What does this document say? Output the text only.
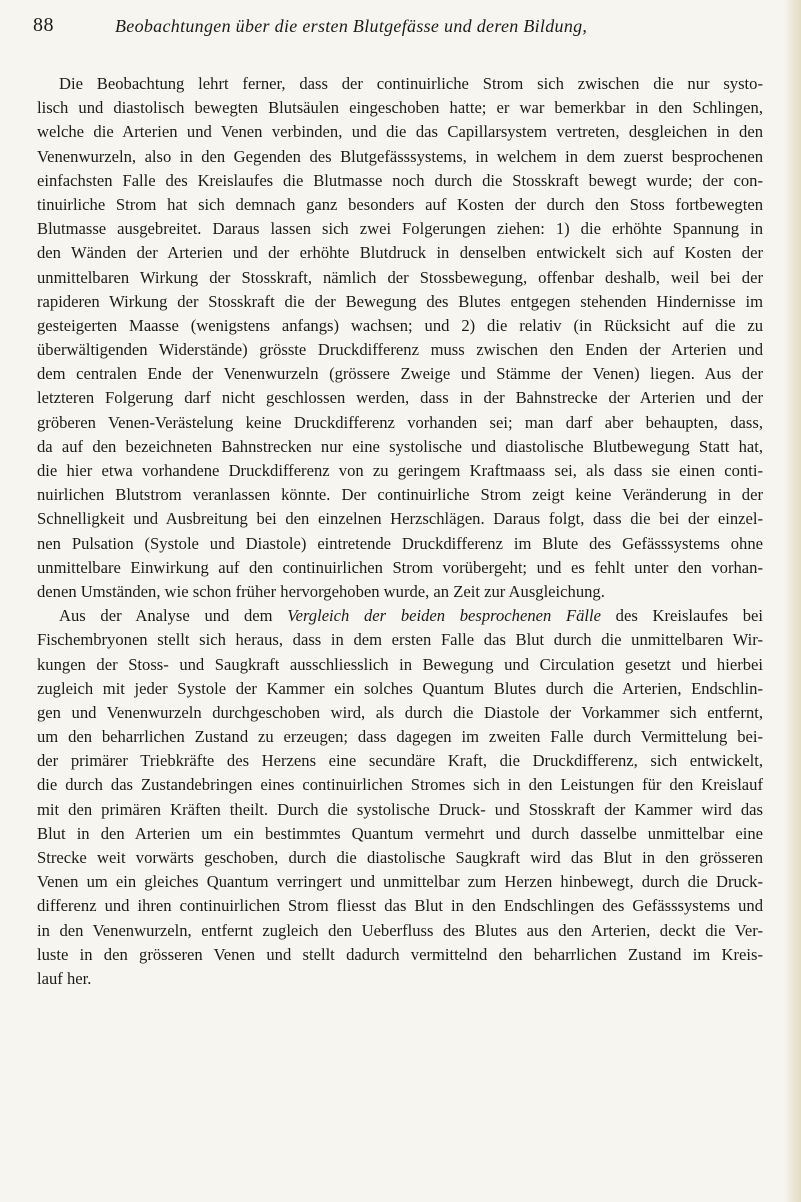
88	Beobachtungen über die ersten Blutgefässe und deren Bildung,
Die Beobachtung lehrt ferner, dass der continuirliche Strom sich zwischen die nur systo-
lisch und diastolisch bewegten Blutsäulen eingeschoben hatte; er war bemerkbar in den Schlingen,
welche die Arterien und Venen verbinden, und die das Capillarsystem vertreten, desgleichen in den
Venenwurzeln, also in den Gegenden des Blutgefässsystems, in welchem in dem zuerst besprochenen
einfachsten Falle des Kreislaufes die Blutmasse noch durch die Stosskraft bewegt wurde; der con-
tinuirliche Strom hat sich demnach ganz besonders auf Kosten der durch den Stoss fortbewegten
Blutmasse ausgebreitet. Daraus lassen sich zwei Folgerungen ziehen: 1) die erhöhte Spannung in
den Wänden der Arterien und der erhöhte Blutdruck in denselben entwickelt sich auf Kosten der
unmittelbaren Wirkung der Stosskraft, nämlich der Stossbewegung, offenbar deshalb, weil bei der
rapideren Wirkung der Stosskraft die der Bewegung des Blutes entgegen stehenden Hindernisse im
gesteigerten Maasse (wenigstens anfangs) wachsen; und 2) die relativ (in Rücksicht auf die zu
überwältigenden Widerstände) grösste Druckdifferenz muss zwischen den Enden der Arterien und
dem centralen Ende der Venenwurzeln (grössere Zweige und Stämme der Venen) liegen. Aus der
letzteren Folgerung darf nicht geschlossen werden, dass in der Bahnstrecke der Arterien und der
gröberen Venen-Verästelung keine Druckdifferenz vorhanden sei; man darf aber behaupten, dass,
da auf den bezeichneten Bahnstrecken nur eine systolische und diastolische Blutbewegung Statt hat,
die hier etwa vorhandene Druckdifferenz von zu geringem Kraftmaass sei, als dass sie einen conti-
nuirlichen Blutstrom veranlassen könnte. Der continuirliche Strom zeigt keine Veränderung in der
Schnelligkeit und Ausbreitung bei den einzelnen Herzschlägen. Daraus folgt, dass die bei der einzel-
nen Pulsation (Systole und Diastole) eintretende Druckdifferenz im Blute des Gefässsystems ohne
unmittelbare Einwirkung auf den continuirlichen Strom vorübergeht; und es fehlt unter den vorhan-
denen Umständen, wie schon früher hervorgehoben wurde, an Zeit zur Ausgleichung.
Aus der Analyse und dem Vergleich der beiden besprochenen Fälle des Kreislaufes bei
Fischembryonen stellt sich heraus, dass in dem ersten Falle das Blut durch die unmittelbaren Wir-
kungen der Stoss- und Saugkraft ausschliesslich in Bewegung und Circulation gesetzt und hierbei
zugleich mit jeder Systole der Kammer ein solches Quantum Blutes durch die Arterien, Endschlin-
gen und Venenwurzeln durchgeschoben wird, als durch die Diastole der Vorkammer sich entfernt,
um den beharrlichen Zustand zu erzeugen; dass dagegen im zweiten Falle durch Vermittelung bei-
der primärer Triebkräfte des Herzens eine secundäre Kraft, die Druckdifferenz, sich entwickelt,
die durch das Zustandebringen eines continuirlichen Stromes sich in den Leistungen für den Kreislauf
mit den primären Kräften theilt. Durch die systolische Druck- und Stosskraft der Kammer wird das
Blut in den Arterien um ein bestimmtes Quantum vermehrt und durch dasselbe unmittelbar eine
Strecke weit vorwärts geschoben, durch die diastolische Saugkraft wird das Blut in den grösseren
Venen um ein gleiches Quantum verringert und unmittelbar zum Herzen hinbewegt, durch die Druck-
differenz und ihren continuirlichen Strom fliesst das Blut in den Endschlingen des Gefässsystems und
in den Venenwurzeln, entfernt zugleich den Ueberfluss des Blutes aus den Arterien, deckt die Ver-
luste in den grösseren Venen und stellt dadurch vermittelnd den beharrlichen Zustand im Kreis-
lauf her.
